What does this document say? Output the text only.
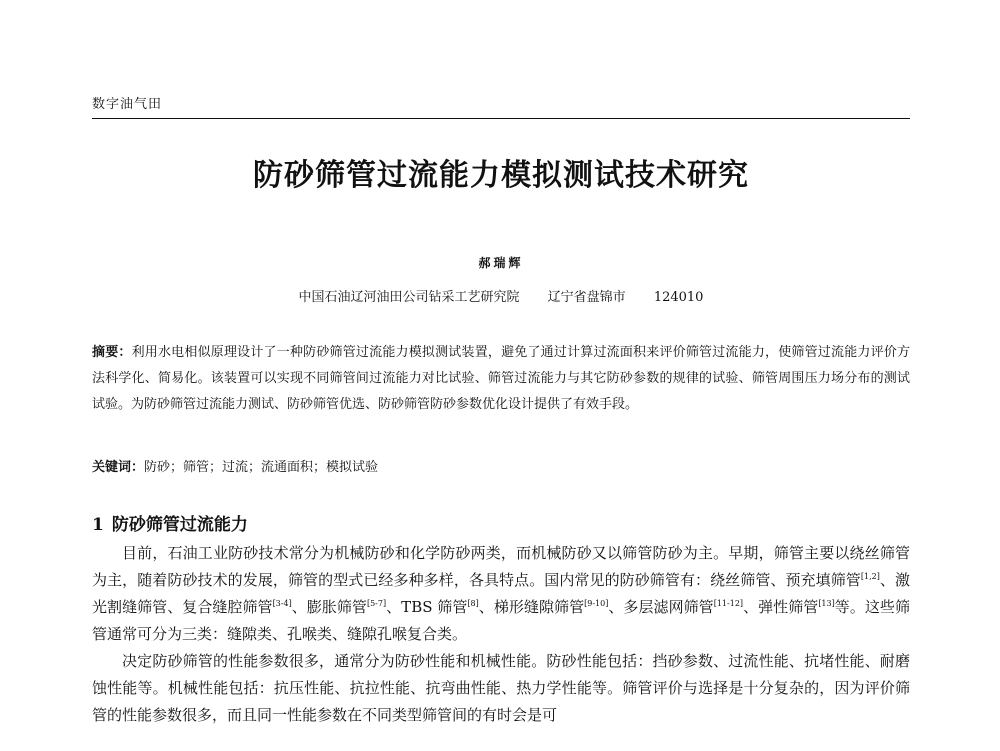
数字油气田
防砂筛管过流能力模拟测试技术研究
郝瑞辉
中国石油辽河油田公司钻采工艺研究院 辽宁省盘锦市 124010
摘要：利用水电相似原理设计了一种防砂筛管过流能力模拟测试装置，避免了通过计算过流面积来评价筛管过流能力，使筛管过流能力评价方法科学化、简易化。该装置可以实现不同筛管间过流能力对比试验、筛管过流能力与其它防砂参数的规律的试验、筛管周围压力场分布的测试试验。为防砂筛管过流能力测试、防砂筛管优选、防砂筛管防砂参数优化设计提供了有效手段。
关键词：防砂；筛管；过流；流通面积；模拟试验
1 防砂筛管过流能力

目前，石油工业防砂技术常分为机械防砂和化学防砂两类，而机械防砂又以筛管防砂为主。早期，筛管主要以绕丝筛管为主，随着防砂技术的发展，筛管的型式已经多种多样，各具特点。国内常见的防砂筛管有：绕丝筛管、预充填筛管[1,2]、激光割缝筛管、复合缝腔筛管[3-4]、膨胀筛管[5-7]、TBS 筛管[8]、梯形缝隙筛管[9-10]、多层滤网筛管[11-12]、弹性筛管[13]等。这些筛管通常可分为三类：缝隙类、孔喉类、缝隙孔喉复合类。

决定防砂筛管的性能参数很多，通常分为防砂性能和机械性能。防砂性能包括：挡砂参数、过流性能、抗堵性能、耐磨蚀性能等。机械性能包括：抗压性能、抗拉性能、抗弯曲性能、热力学性能等。筛管评价与选择是十分复杂的，因为评价筛管的性能参数很多，而且同一性能参数在不同类型筛管间的有时会是可
